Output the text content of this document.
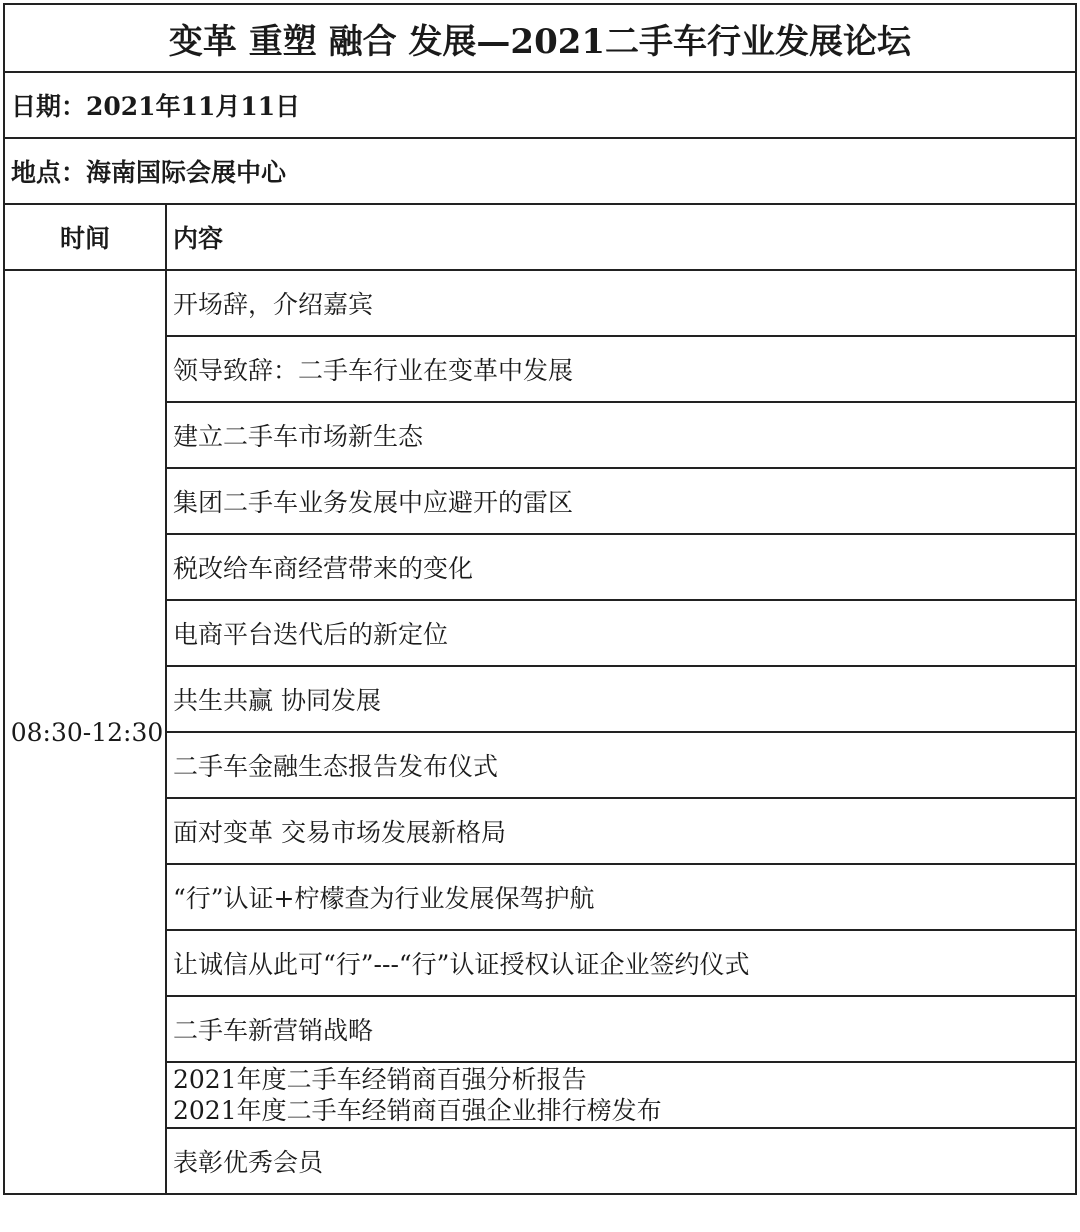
变革 重塑 融合 发展—2021二手车行业发展论坛	
日期：2021年11月11日	
地点：海南国际会展中心	
时间	内容
08:30-12:30	开场辞，介绍嘉宾

	领导致辞：二手车行业在变革中发展

	建立二手车市场新生态

	集团二手车业务发展中应避开的雷区

	税改给车商经营带来的变化

	电商平台迭代后的新定位

	共生共赢 协同发展

	二手车金融生态报告发布仪式

	面对变革 交易市场发展新格局

	“行”认证+柠檬查为行业发展保驾护航

	让诚信从此可“行”---“行”认证授权认证企业签约仪式

	二手车新营销战略

	2021年度二手车经销商百强分析报告
2021年度二手车经销商百强企业排行榜发布

	表彰优秀会员
